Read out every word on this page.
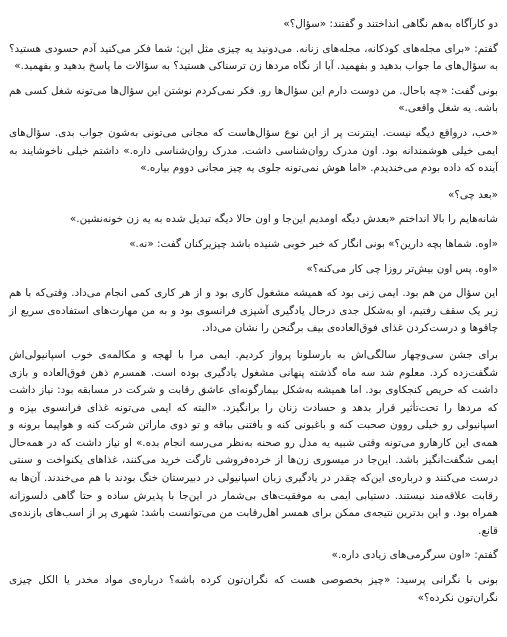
دو کارآگاه به‌هم نگاهی انداختند و گفتند: «سؤال؟»

گفتم: «برای مجله‌های کودکانه، مجله‌های زنانه. می‌دونید یه چیزی مثل این: شما فکر می‌کنید آدم حسودی هستید؟ به سؤال‌های ما جواب بدهید و بفهمید. آیا از نگاه مردها زن ترسناکی هستید؟ به سؤالات ما پاسخ بدهید و بفهمید.»

بونی گفت: «چه باحال. من دوست دارم این سؤال‌ها رو. فکر نمی‌کردم نوشتن این سؤال‌ها می‌تونه شغل کسی هم باشه. یه شغل واقعی.»

«خب، درواقع دیگه نیست. اینترنت پر از این نوع سؤال‌هاست که مجانی می‌تونی به‌شون جواب بدی. سؤال‌های ایمی خیلی هوشمندانه بود. اون مدرک روان‌شناسی داشت. مدرک روان‌شناسی داره.» داشتم خیلی ناخوشایند به آینده که داده بودم می‌خندیدم. «اما هوش نمی‌تونه جلوی یه چیز مجانی دووم بیاره.»

«بعد چی؟»

شانه‌هایم را بالا انداختم «بعدش دیگه اومدیم این‌جا و اون حالا دیگه تبدیل شده به یه زن خونه‌نشین.»

«اوه. شماها بچه دارین؟» بونی انگار که خبر خوبی شنیده باشد چیزیرکنان گفت: «نه.»

«اوه. پس اون بیش‌تر روزا چی کار می‌کنه؟»

این سؤال من هم بود. ایمی زنی بود که همیشه مشغول کاری بود و از هر کاری کمی انجام می‌داد. وقتی‌که با هم زیر یک سقف رفتیم، او به‌شکل جدی درحال یادگیری آشپزی فرانسوی بود و به من مهارت‌های استفاده‌ی سریع از چاقوها و درست‌کردن غذای فوق‌العاده‌ی بیف برگنجن را نشان می‌داد.

برای جشن سی‌وچهار سالگی‌اش به بارسلونا پرواز کردیم. ایمی مرا با لهجه و مکالمه‌ی خوب اسپانیولی‌اش شگفت‌زده کرد. معلوم شد سه ماه گذشته پنهانی مشغول یادگیری بوده است. همسرم ذهن فوق‌العاده و بازی داشت که حریص کنجکاوی بود. اما همیشه به‌شکل بیمارگونه‌ای عاشق رقابت و شرکت در مسابقه بود: نیاز داشت که مردها را تحت‌تأثیر قرار بدهد و حسادت زنان را برانگیزد. «البته که ایمی می‌تونه غذای فرانسوی بپزه و اسپانیولی رو خیلی روون صحبت کنه و باغبونی کنه و بافتنی بباقه و تو دوی ماراتن شرکت کنه و هواپیما برونه و همه‌ی این کارهارو می‌تونه وقتی شبیه یه مدل رو صحنه به‌نظر می‌رسه انجام بده.» او نیاز داشت که در همه‌حال ایمی شگفت‌انگیز باشد. این‌جا در میسوری زن‌ها از خرده‌فروشی تارگت خرید می‌کنند، غذاهای یکنواخت و سنتی درست می‌کنند و درباره‌ی این‌که چقدر در یادگیری زبان اسپانیولی در دبیرستان خنگ بودند با هم می‌خندند. آن‌ها به رقابت علاقه‌مند نیستند. دستیابی ایمی به موفقیت‌های بی‌شمار در این‌جا با پذیرش ساده و حتا گاهی دلسوزانه همراه بود. و این بدترین نتیجه‌ی ممکن برای همسر اهل‌رقابت من می‌توانست باشد: شهری پر از اسب‌های بازنده‌ی قانع.

گفتم: «اون سرگرمی‌های زیادی داره.»

بونی با نگرانی پرسید: «چیز بخصوصی هست که نگران‌تون کرده باشه؟ درباره‌ی مواد مخدر یا الکل چیزی نگران‌تون نکرده؟»
